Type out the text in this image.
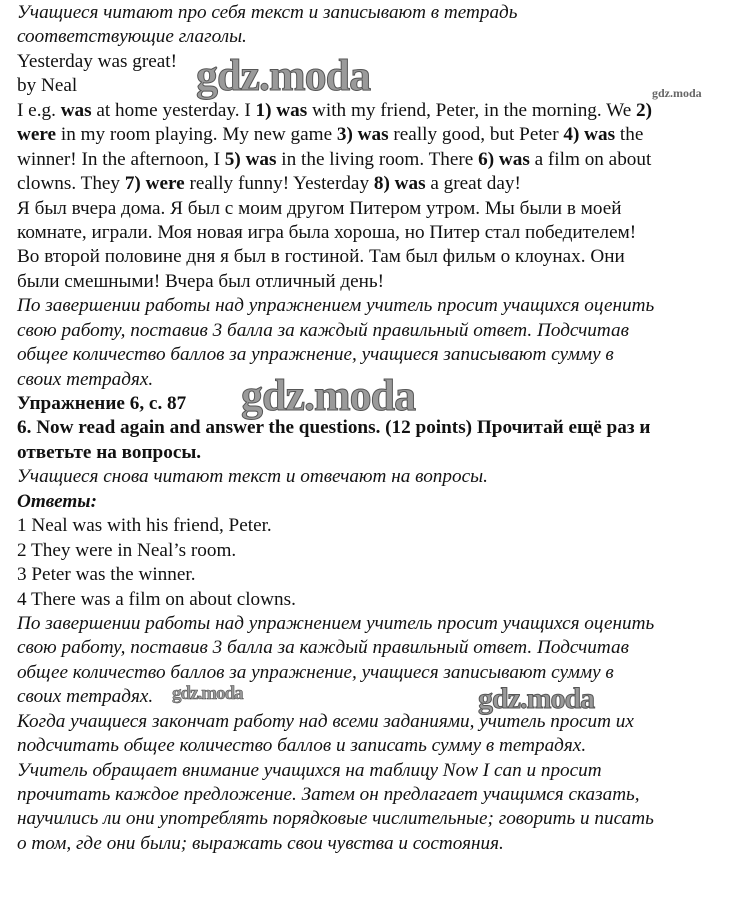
Учащиеся читают про себя текст и записывают в тетрадь
соответствующие глаголы.
Yesterday was great!
by Neal
I e.g. was at home yesterday. I 1) was with my friend, Peter, in the morning. We 2)
were in my room playing. My new game 3) was really good, but Peter 4) was the
winner! In the afternoon, I 5) was in the living room. There 6) was a film on about
clowns. They 7) were really funny! Yesterday 8) was a great day!
Я был вчера дома. Я был с моим другом Питером утром. Мы были в моей
комнате, играли. Моя новая игра была хороша, но Питер стал победителем!
Во второй половине дня я был в гостиной. Там был фильм о клоунах. Они
были смешными! Вчера был отличный день!
По завершении работы над упражнением учитель просит учащихся оценить
свою работу, поставив 3 балла за каждый правильный ответ. Подсчитав
общее количество баллов за упражнение, учащиеся записывают сумму в
своих тетрадях.
Упражнение 6, с. 87
6. Now read again and answer the questions. (12 points) Прочитай ещё раз и
ответьте на вопросы.
Учащиеся снова читают текст и отвечают на вопросы.
Ответы:
1 Neal was with his friend, Peter.
2 They were in Neal’s room.
3 Peter was the winner.
4 There was a film on about clowns.
По завершении работы над упражнением учитель просит учащихся оценить
свою работу, поставив 3 балла за каждый правильный ответ. Подсчитав
общее количество баллов за упражнение, учащиеся записывают сумму в
своих тетрадях.
Когда учащиеся закончат работу над всеми заданиями, учитель просит их
подсчитать общее количество баллов и записать сумму в тетрадях.
Учитель обращает внимание учащихся на таблицу Now I can и просит
прочитать каждое предложение. Затем он предлагает учащимся сказать,
научились ли они употреблять порядковые числительные; говорить и писать
о том, где они были; выражать свои чувства и состояния.
gdz.moda	gdz.moda
gdz.moda
gdz.moda	gdz.moda
